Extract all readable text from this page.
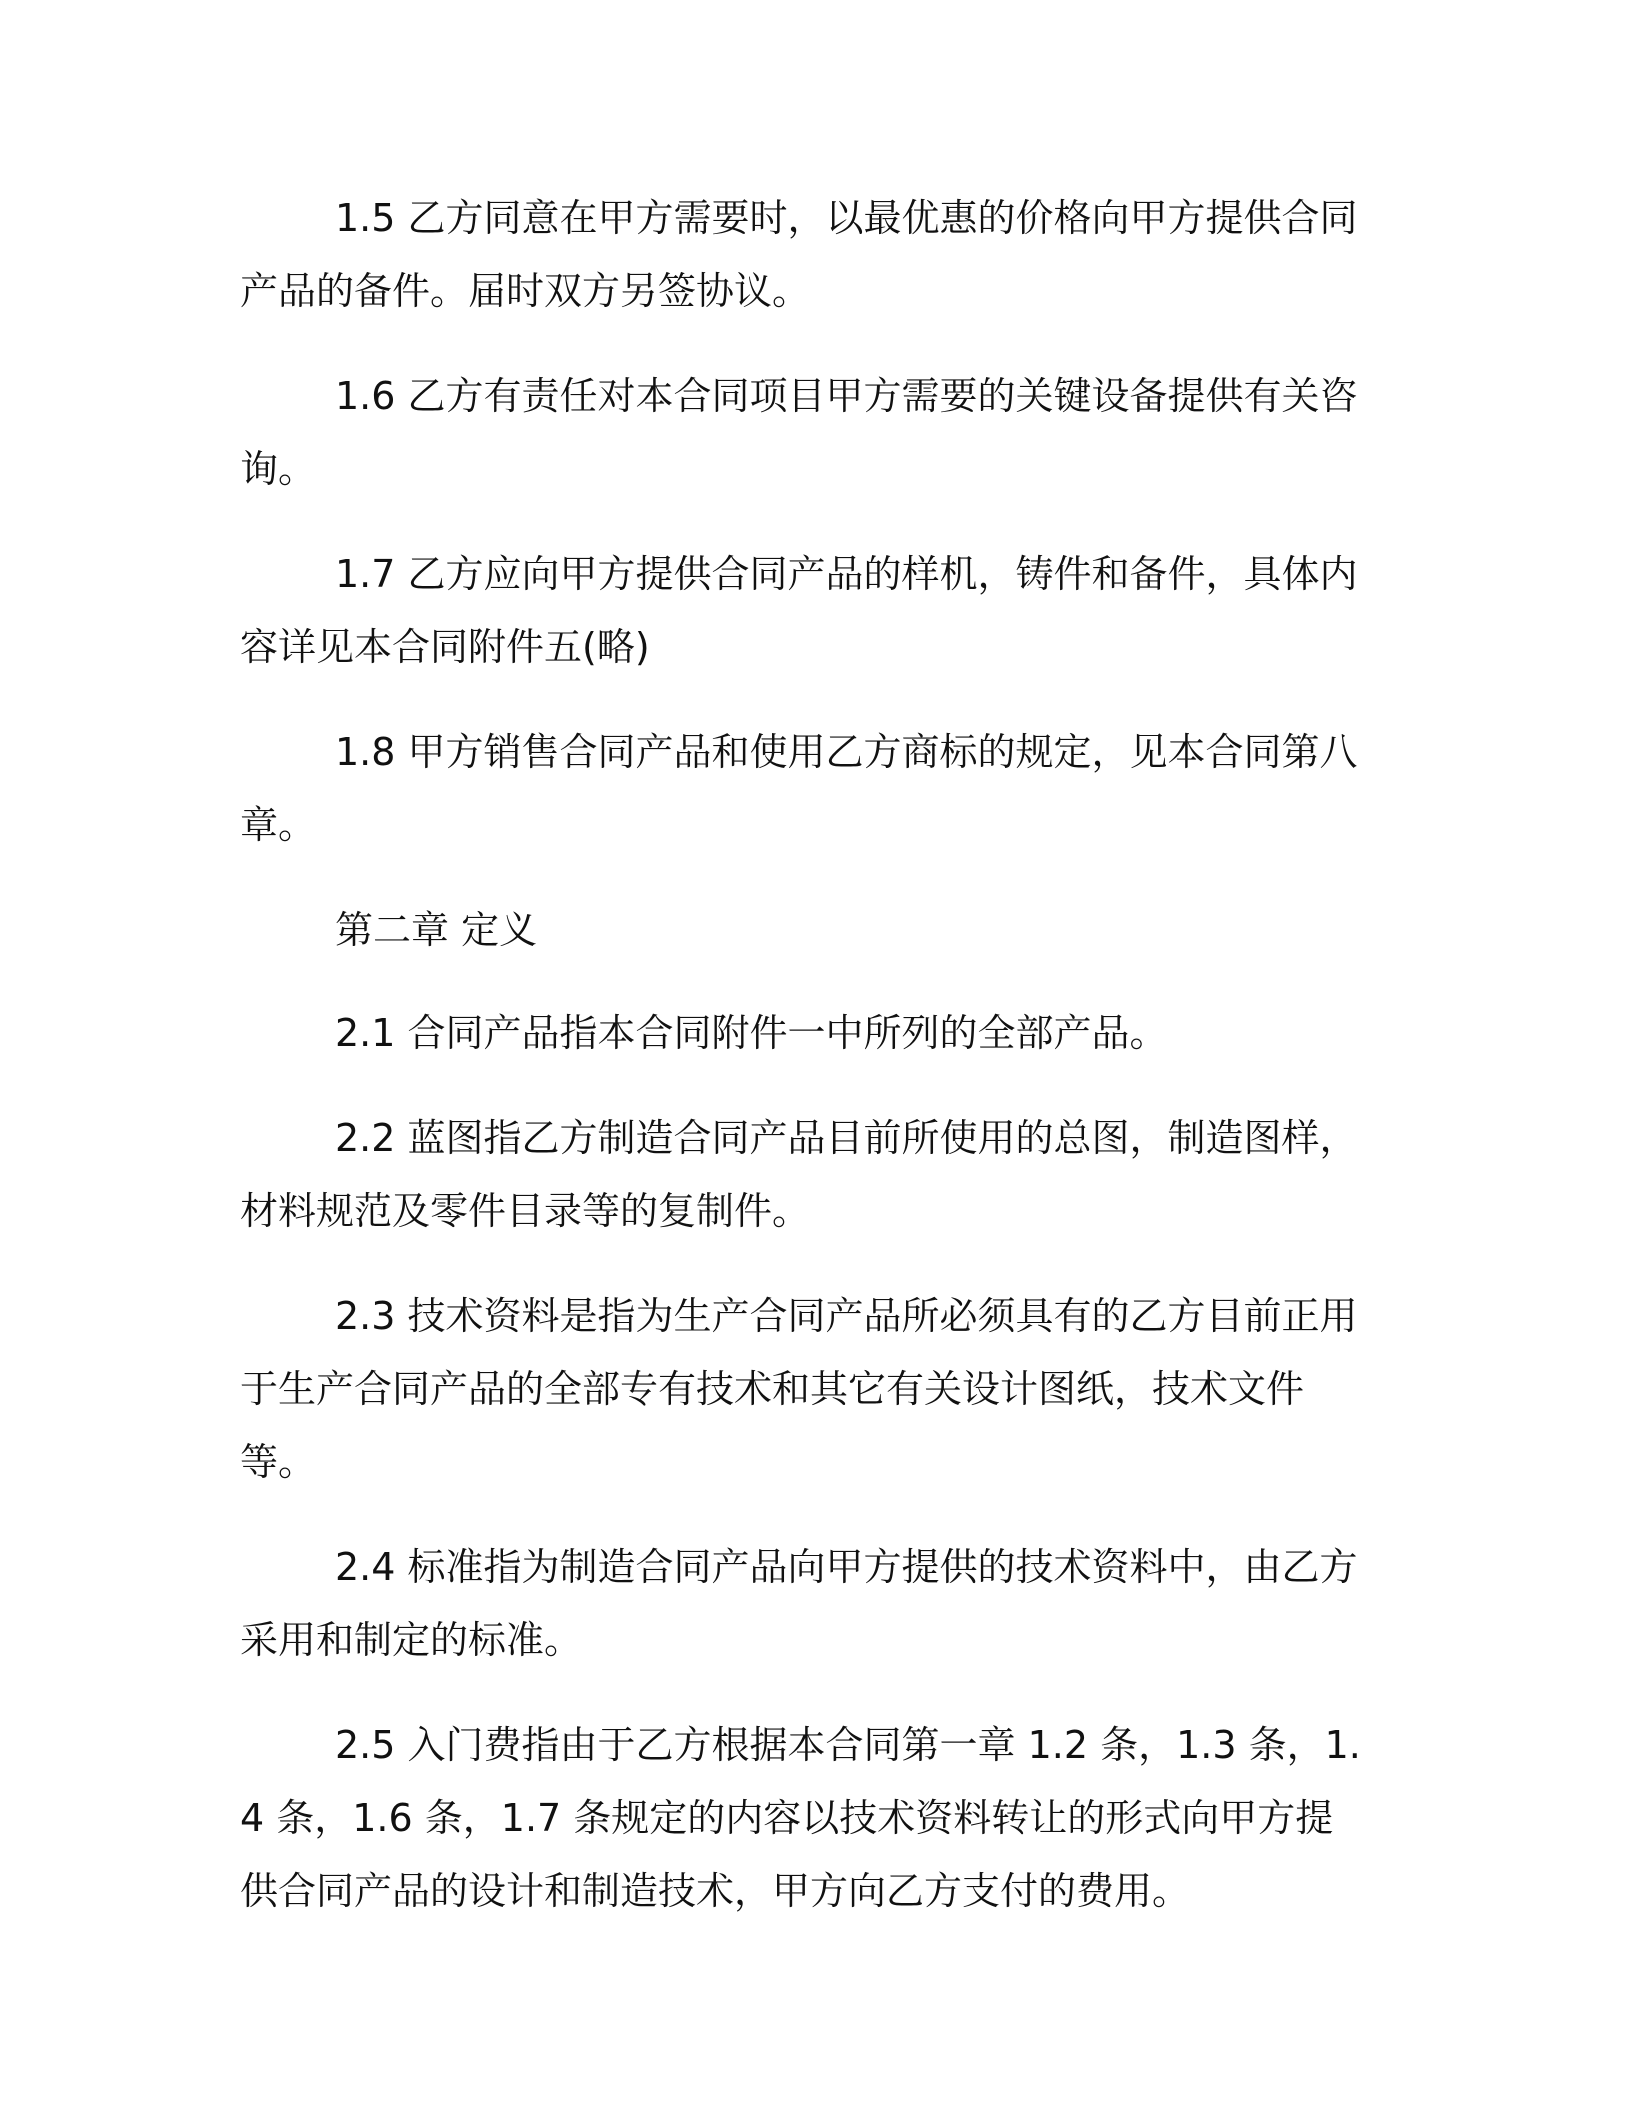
1.5 乙方同意在甲方需要时，以最优惠的价格向甲方提供合同产品的备件。届时双方另签协议。

1.6 乙方有责任对本合同项目甲方需要的关键设备提供有关咨询。

1.7 乙方应向甲方提供合同产品的样机，铸件和备件，具体内容详见本合同附件五(略)

1.8 甲方销售合同产品和使用乙方商标的规定，见本合同第八章。

第二章 定义

2.1 合同产品指本合同附件一中所列的全部产品。

2.2 蓝图指乙方制造合同产品目前所使用的总图，制造图样，材料规范及零件目录等的复制件。

2.3 技术资料是指为生产合同产品所必须具有的乙方目前正用于生产合同产品的全部专有技术和其它有关设计图纸，技术文件等。

2.4 标准指为制造合同产品向甲方提供的技术资料中，由乙方采用和制定的标准。

2.5 入门费指由于乙方根据本合同第一章 1.2 条，1.3 条，1.4 条，1.6 条，1.7 条规定的内容以技术资料转让的形式向甲方提供合同产品的设计和制造技术，甲方向乙方支付的费用。
